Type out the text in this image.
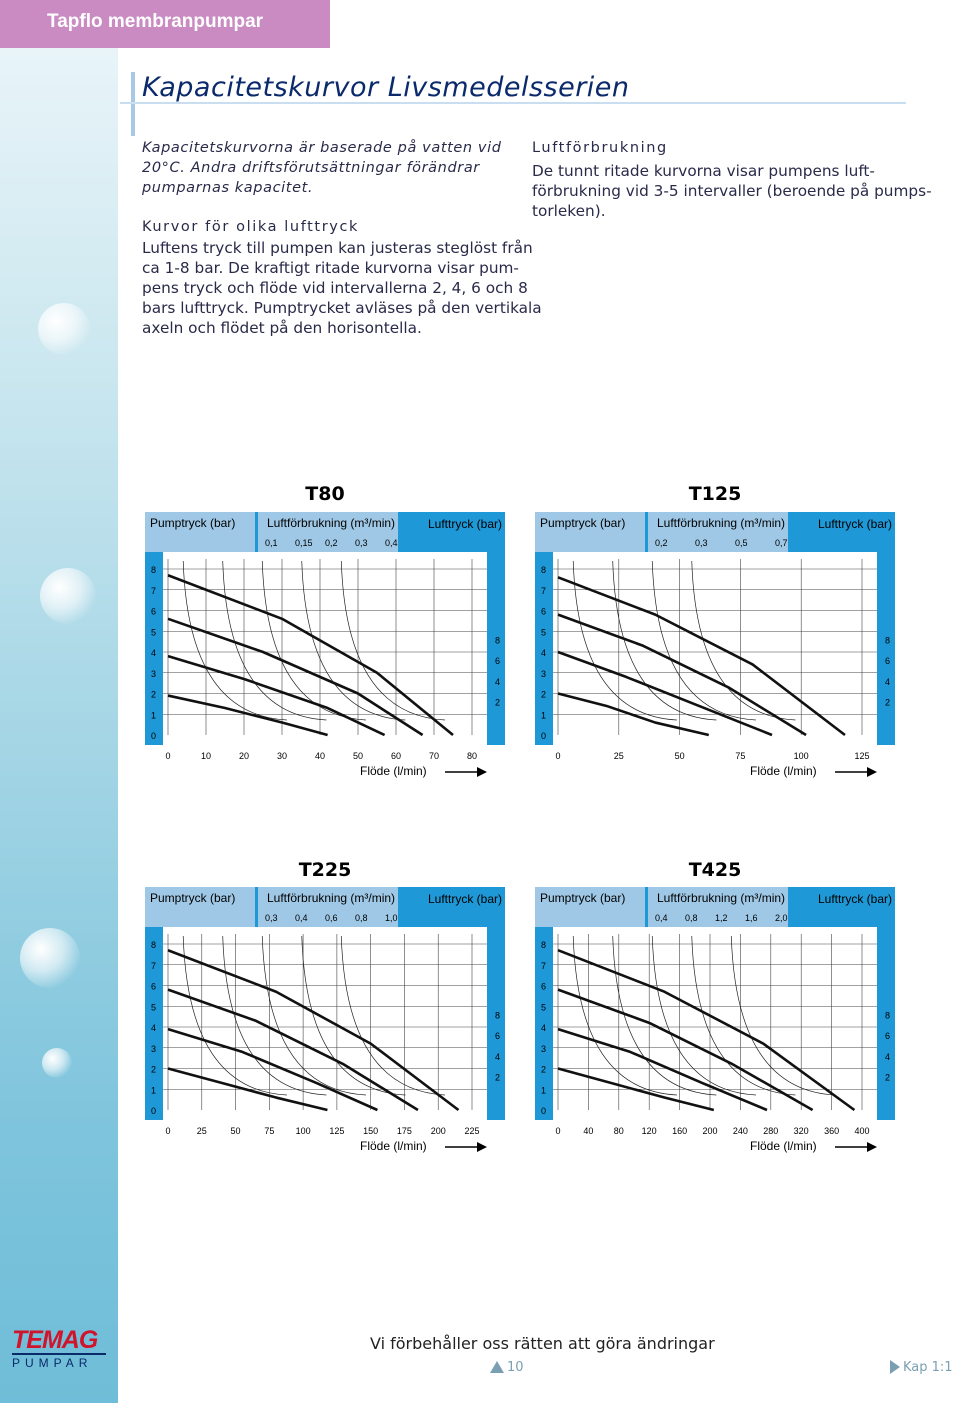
Tapflo membranpumpar
Kapacitetskurvor Livsmedelsserien
Kapacitetskurvorna är baserade på vatten vid 20°C. Andra driftsförutsättningar förändrar pumparnas kapacitet.
Kurvor för olika lufttryck
Luftens tryck till pumpen kan justeras steglöst från
ca 1-8 bar. De kraftigt ritade kurvorna visar pum-
pens tryck och flöde vid intervallerna 2, 4, 6 och 8
bars lufttryck. Pumptrycket avläses på den vertikala
axeln och flödet på den horisontella.
Luftförbrukning
De tunnt ritade kurvorna visar pumpens luft-
förbrukning vid 3-5 intervaller (beroende på pumps-
torleken).
T80
Pumptryck (bar)	Luftförbrukning (m³/min)	Lufttryck (bar)
0,1 0,15 0,2 0,3 0,4
8
7
6
5
4
3
2
1
0
0	10	20	30	40	50	60	70	80
8
6
4
2
Flöde (l/min)
T125
Pumptryck (bar)	Luftförbrukning (m³/min)	Lufttryck (bar)
0,2	0,3	0,5	0,7
8
7
6
5
4
3
2
1
0
0	25	50	75	100	125
8
6
4
2
Flöde (l/min)
T225
Pumptryck (bar)	Luftförbrukning (m³/min)	Lufttryck (bar)
0,3 0,4 0,6 0,8 1,0
8
7
6
5
4
3
2
1
0
0	25	50	75 100 125 150 175 200 225
8
6
4
2
Flöde (l/min)
T425
Pumptryck (bar)	Luftförbrukning (m³/min)	Lufttryck (bar)
0,4 0,8 1,2 1,6 2,0
8
7
6
5
4
3
2
1
0
0	40 80 120 160 200 240 280 320 360 400
8
6
4
2
Flöde (l/min)
TEMAG
PUMPAR
Vi förbehåller oss rätten att göra ändringar
10	Kap 1:1
